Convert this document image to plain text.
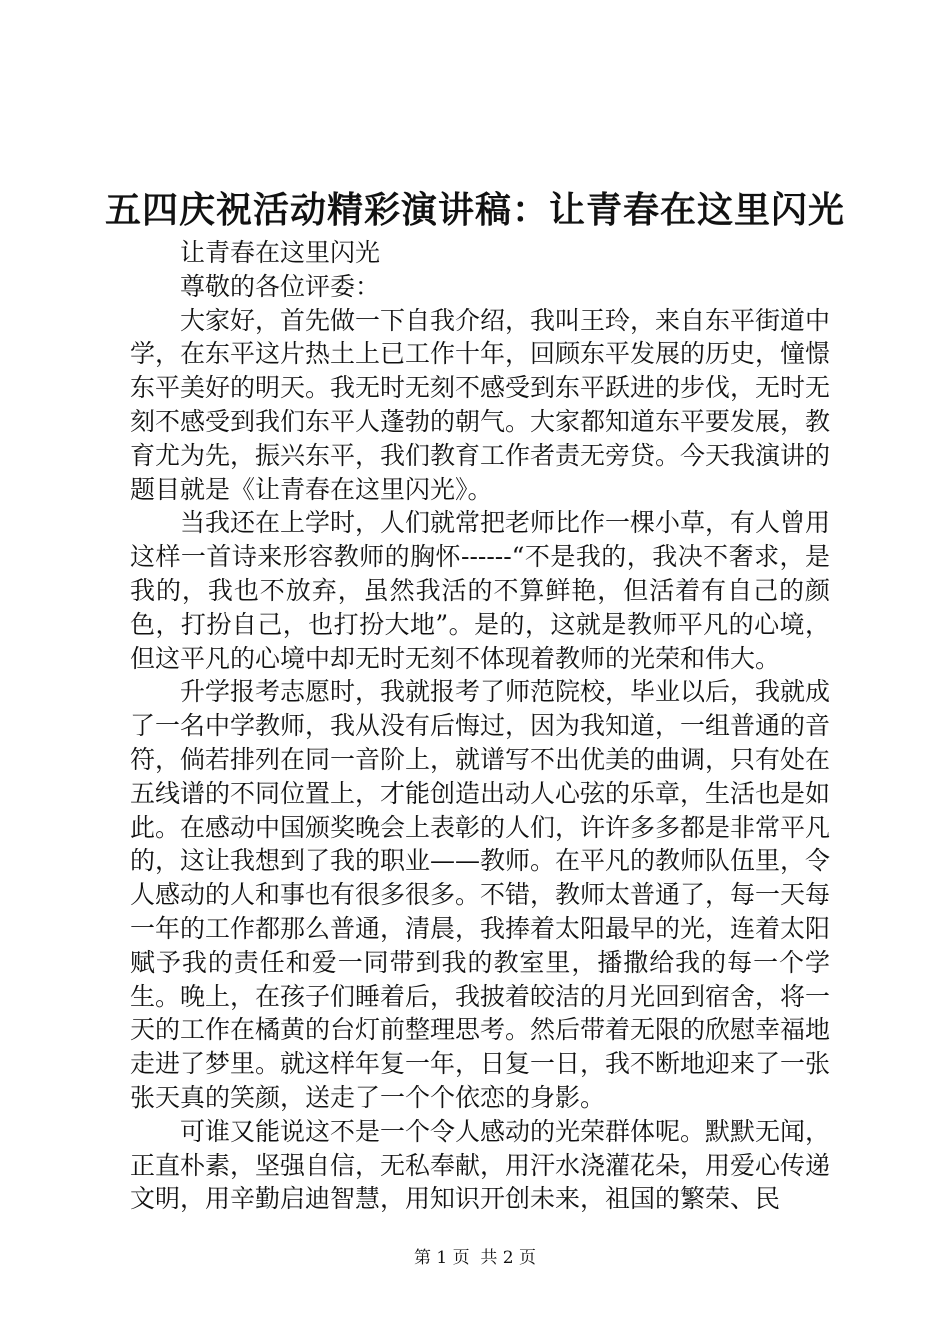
五四庆祝活动精彩演讲稿：让青春在这里闪光

让青春在这里闪光

尊敬的各位评委：

大家好，首先做一下自我介绍，我叫王玲，来自东平街道中学，在东平这片热土上已工作十年，回顾东平发展的历史，憧憬东平美好的明天。我无时无刻不感受到东平跃进的步伐，无时无刻不感受到我们东平人蓬勃的朝气。大家都知道东平要发展，教育尤为先，振兴东平，我们教育工作者责无旁贷。今天我演讲的题目就是《让青春在这里闪光》。

当我还在上学时，人们就常把老师比作一棵小草，有人曾用这样一首诗来形容教师的胸怀------“不是我的，我决不奢求，是我的，我也不放弃，虽然我活的不算鲜艳，但活着有自己的颜色，打扮自己，也打扮大地”。是的，这就是教师平凡的心境，但这平凡的心境中却无时无刻不体现着教师的光荣和伟大。

升学报考志愿时，我就报考了师范院校，毕业以后，我就成了一名中学教师，我从没有后悔过，因为我知道，一组普通的音符，倘若排列在同一音阶上，就谱写不出优美的曲调，只有处在五线谱的不同位置上，才能创造出动人心弦的乐章，生活也是如此。在感动中国颁奖晚会上表彰的人们，许许多多都是非常平凡的，这让我想到了我的职业——教师。在平凡的教师队伍里，令人感动的人和事也有很多很多。不错，教师太普通了，每一天每一年的工作都那么普通，清晨，我捧着太阳最早的光，连着太阳赋予我的责任和爱一同带到我的教室里，播撒给我的每一个学生。晚上，在孩子们睡着后，我披着皎洁的月光回到宿舍，将一天的工作在橘黄的台灯前整理思考。然后带着无限的欣慰幸福地走进了梦里。就这样年复一年，日复一日，我不断地迎来了一张张天真的笑颜，送走了一个个依恋的身影。

可谁又能说这不是一个令人感动的光荣群体呢。默默无闻，正直朴素，坚强自信，无私奉献，用汗水浇灌花朵，用爱心传递文明，用辛勤启迪智慧，用知识开创未来，祖国的繁荣、民

第 1 页  共 2 页
